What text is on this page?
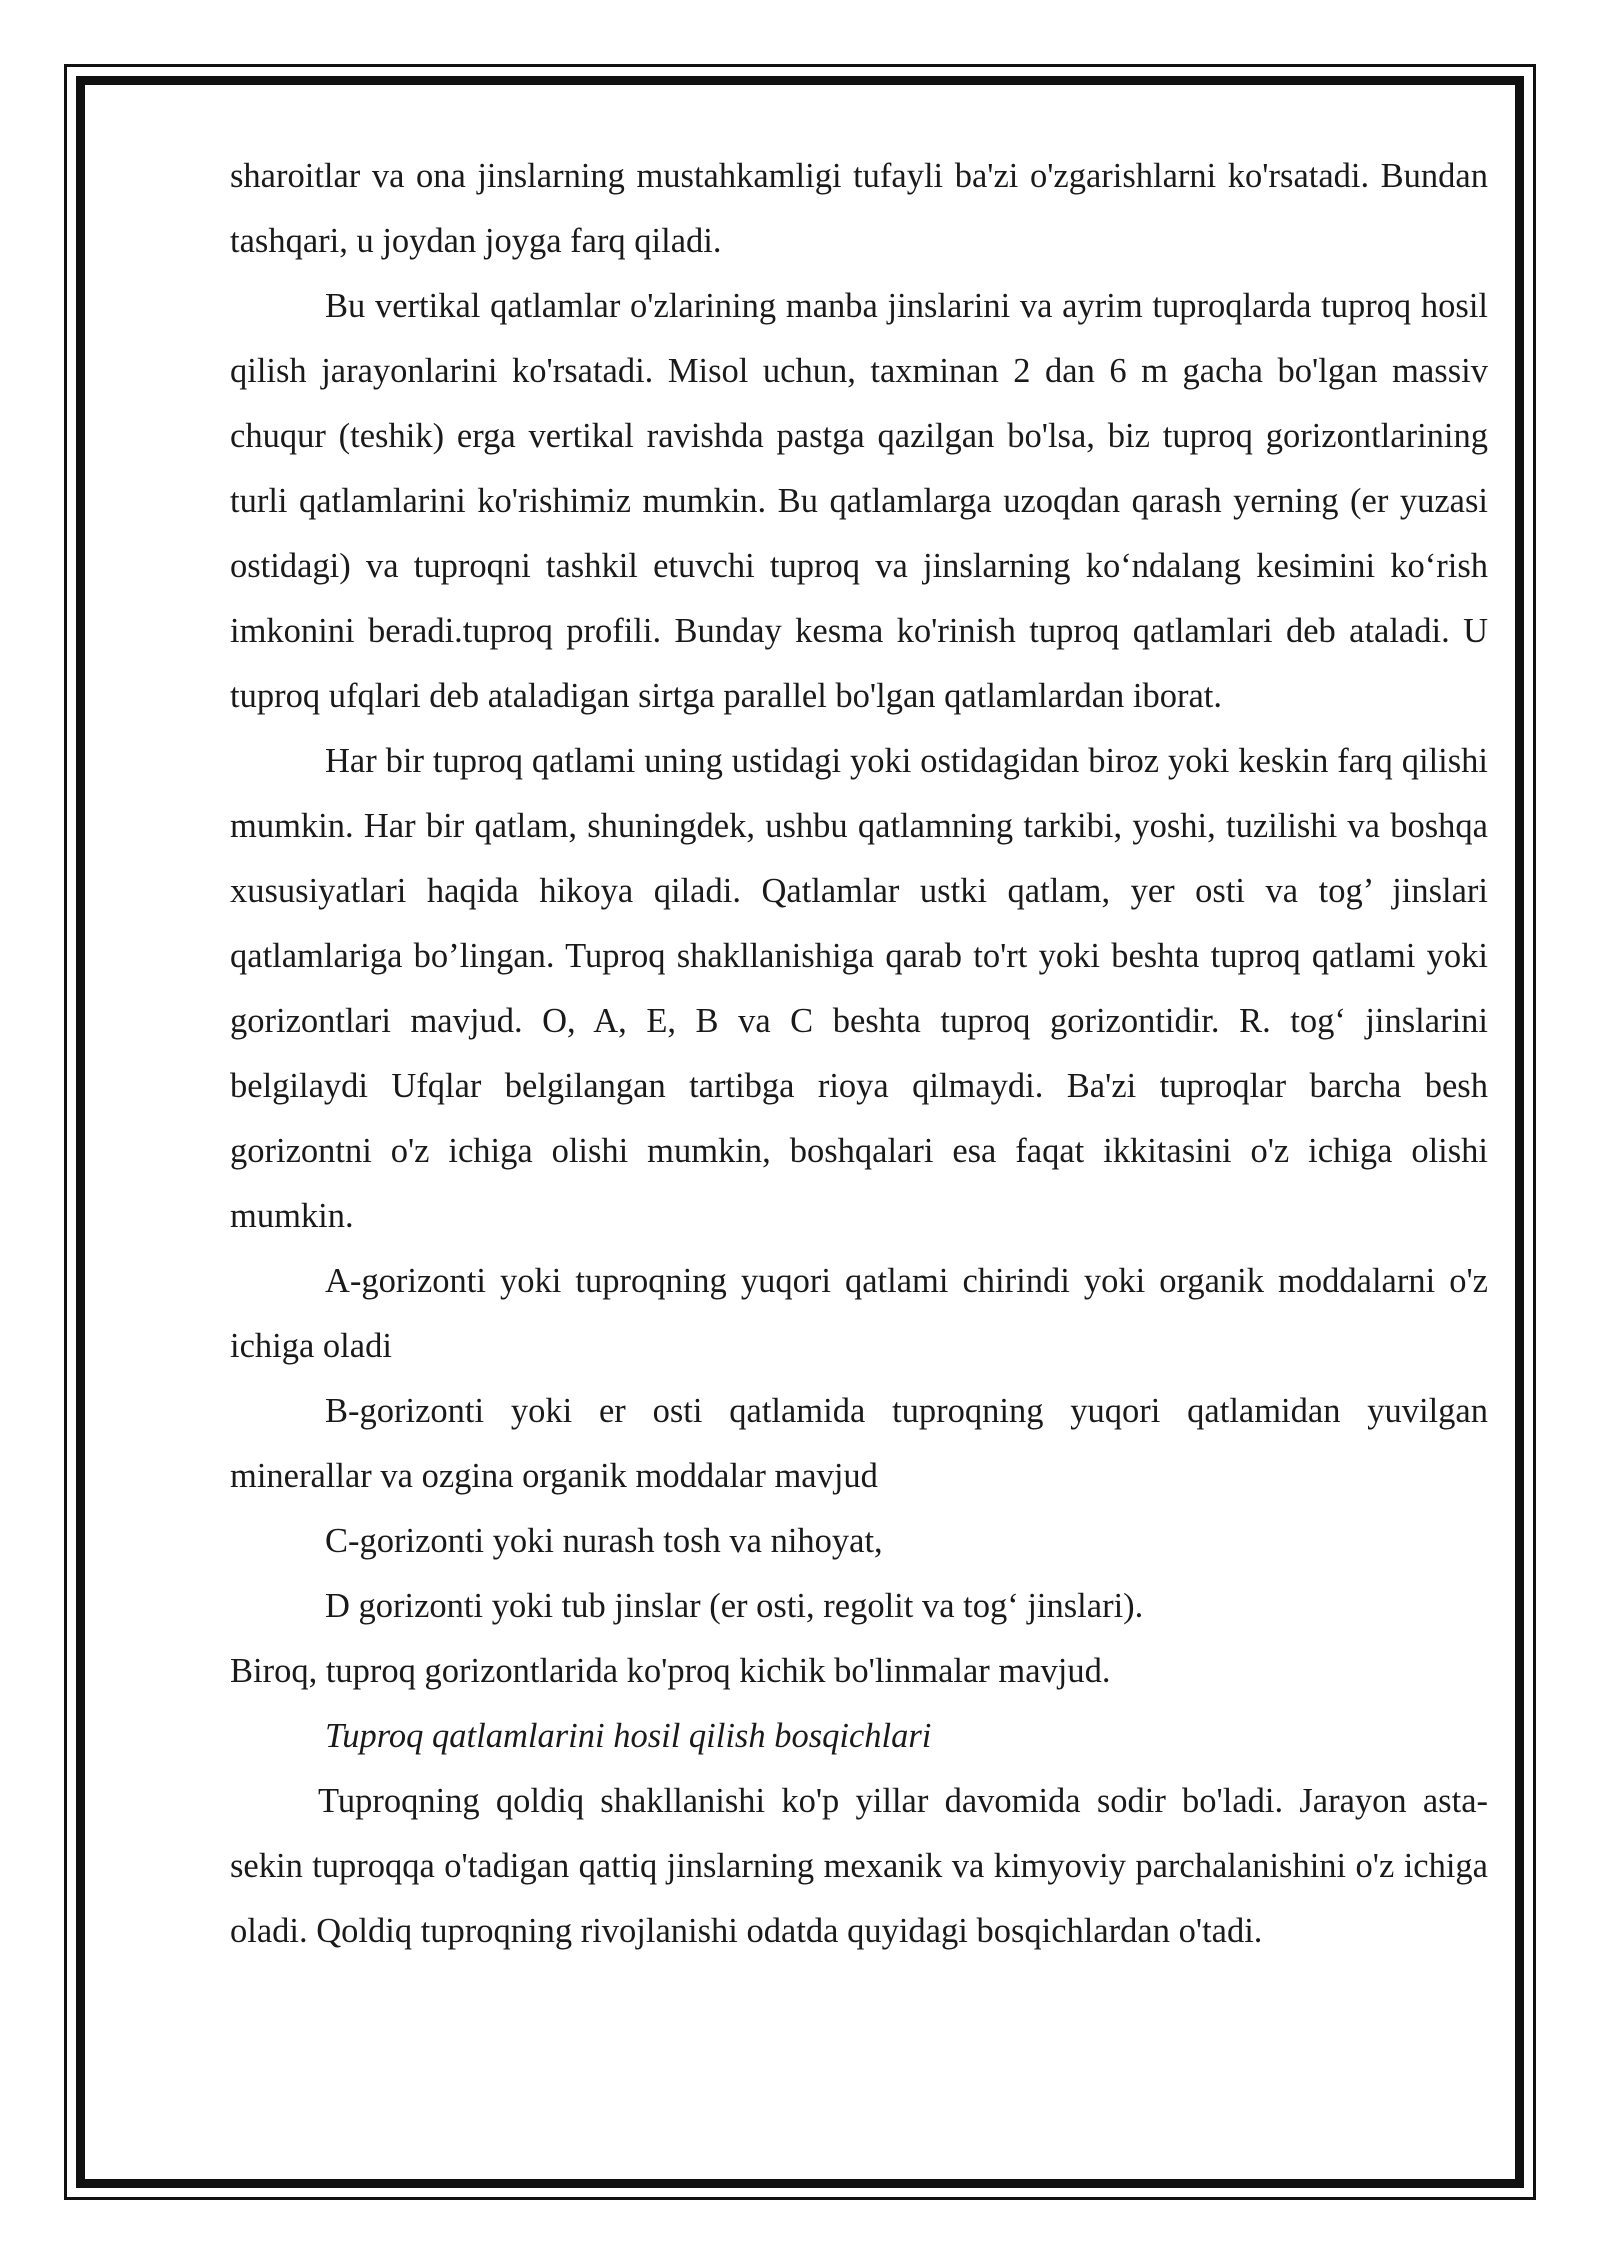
sharoitlar va ona jinslarning mustahkamligi tufayli ba'zi o'zgarishlarni ko'rsatadi. Bundan tashqari, u joydan joyga farq qiladi.

Bu vertikal qatlamlar o'zlarining manba jinslarini va ayrim tuproqlarda tuproq hosil qilish jarayonlarini ko'rsatadi. Misol uchun, taxminan 2 dan 6 m gacha bo'lgan massiv chuqur (teshik) erga vertikal ravishda pastga qazilgan bo'lsa, biz tuproq gorizontlarining turli qatlamlarini ko'rishimiz mumkin. Bu qatlamlarga uzoqdan qarash yerning (er yuzasi ostidagi) va tuproqni tashkil etuvchi tuproq va jinslarning ko‘ndalang kesimini ko‘rish imkonini beradi.tuproq profili. Bunday kesma ko'rinish tuproq qatlamlari deb ataladi. U tuproq ufqlari deb ataladigan sirtga parallel bo'lgan qatlamlardan iborat.

Har bir tuproq qatlami uning ustidagi yoki ostidagidan biroz yoki keskin farq qilishi mumkin. Har bir qatlam, shuningdek, ushbu qatlamning tarkibi, yoshi, tuzilishi va boshqa xususiyatlari haqida hikoya qiladi. Qatlamlar ustki qatlam, yer osti va tog’ jinslari qatlamlariga bo’lingan. Tuproq shakllanishiga qarab to'rt yoki beshta tuproq qatlami yoki gorizontlari mavjud. O, A, E, B va C beshta tuproq gorizontidir. R. tog‘ jinslarini belgilaydi Ufqlar belgilangan tartibga rioya qilmaydi. Ba'zi tuproqlar barcha besh gorizontni o'z ichiga olishi mumkin, boshqalari esa faqat ikkitasini o'z ichiga olishi mumkin.

A-gorizonti yoki tuproqning yuqori qatlami chirindi yoki organik moddalarni o'z ichiga oladi

B-gorizonti yoki er osti qatlamida tuproqning yuqori qatlamidan yuvilgan minerallar va ozgina organik moddalar mavjud

C-gorizonti yoki nurash tosh va nihoyat,

D gorizonti yoki tub jinslar (er osti, regolit va tog‘ jinslari).

Biroq, tuproq gorizontlarida ko'proq kichik bo'linmalar mavjud.

Tuproq qatlamlarini hosil qilish bosqichlari

Tuproqning qoldiq shakllanishi ko'p yillar davomida sodir bo'ladi. Jarayon asta-sekin tuproqqa o'tadigan qattiq jinslarning mexanik va kimyoviy parchalanishini o'z ichiga oladi. Qoldiq tuproqning rivojlanishi odatda quyidagi bosqichlardan o'tadi.
